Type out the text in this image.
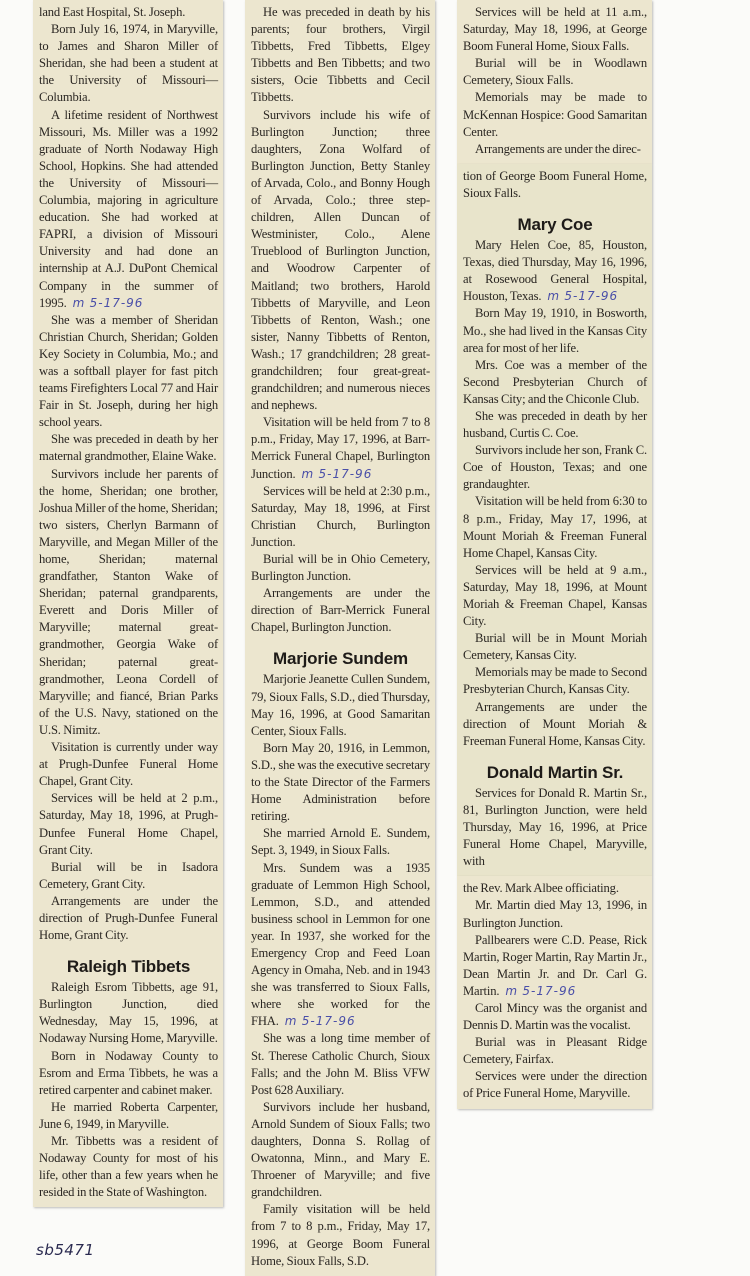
land East Hospital, St. Joseph.

Born July 16, 1974, in Maryville, to James and Sharon Miller of Sheridan, she had been a student at the University of Missouri—Columbia.

A lifetime resident of Northwest Missouri, Ms. Miller was a 1992 graduate of North Nodaway High School, Hopkins. She had attended the University of Missouri—Columbia, majoring in agriculture education. She had worked at FAPRI, a division of Missouri University and had done an internship at A.J. DuPont Chemical Company in the summer of 1995. m 5-17-96

She was a member of Sheridan Christian Church, Sheridan; Golden Key Society in Columbia, Mo.; and was a softball player for fast pitch teams Firefighters Local 77 and Hair Fair in St. Joseph, during her high school years.

She was preceded in death by her maternal grandmother, Elaine Wake.

Survivors include her parents of the home, Sheridan; one brother, Joshua Miller of the home, Sheridan; two sisters, Cherlyn Barmann of Maryville, and Megan Miller of the home, Sheridan; maternal grandfather, Stanton Wake of Sheridan; paternal grandparents, Everett and Doris Miller of Maryville; maternal great-grandmother, Georgia Wake of Sheridan; paternal great-grandmother, Leona Cordell of Maryville; and fiancé, Brian Parks of the U.S. Navy, stationed on the U.S. Nimitz.

Visitation is currently under way at Prugh-Dunfee Funeral Home Chapel, Grant City.

Services will be held at 2 p.m., Saturday, May 18, 1996, at Prugh-Dunfee Funeral Home Chapel, Grant City.

Burial will be in Isadora Cemetery, Grant City.

Arrangements are under the direction of Prugh-Dunfee Funeral Home, Grant City.

Raleigh Tibbets

Raleigh Esrom Tibbetts, age 91, Burlington Junction, died Wednesday, May 15, 1996, at Nodaway Nursing Home, Maryville.

Born in Nodaway County to Esrom and Erma Tibbets, he was a retired carpenter and cabinet maker.

He married Roberta Carpenter, June 6, 1949, in Maryville.

Mr. Tibbetts was a resident of Nodaway County for most of his life, other than a few years when he resided in the State of Washington.

sb5471

He was preceded in death by his parents; four brothers, Virgil Tibbetts, Fred Tibbetts, Elgey Tibbetts and Ben Tibbetts; and two sisters, Ocie Tibbetts and Cecil Tibbetts.

Survivors include his wife of Burlington Junction; three daughters, Zona Wolfard of Burlington Junction, Betty Stanley of Arvada, Colo., and Bonny Hough of Arvada, Colo.; three step-children, Allen Duncan of Westminister, Colo., Alene Trueblood of Burlington Junction, and Woodrow Carpenter of Maitland; two brothers, Harold Tibbetts of Maryville, and Leon Tibbetts of Renton, Wash.; one sister, Nanny Tibbetts of Renton, Wash.; 17 grandchildren; 28 great-grandchildren; four great-great-grandchildren; and numerous nieces and nephews.

Visitation will be held from 7 to 8 p.m., Friday, May 17, 1996, at Barr-Merrick Funeral Chapel, Burlington Junction. m 5-17-96

Services will be held at 2:30 p.m., Saturday, May 18, 1996, at First Christian Church, Burlington Junction.

Burial will be in Ohio Cemetery, Burlington Junction.

Arrangements are under the direction of Barr-Merrick Funeral Chapel, Burlington Junction.

Marjorie Sundem

Marjorie Jeanette Cullen Sundem, 79, Sioux Falls, S.D., died Thursday, May 16, 1996, at Good Samaritan Center, Sioux Falls.

Born May 20, 1916, in Lemmon, S.D., she was the executive secretary to the State Director of the Farmers Home Administration before retiring.

She married Arnold E. Sundem, Sept. 3, 1949, in Sioux Falls.

Mrs. Sundem was a 1935 graduate of Lemmon High School, Lemmon, S.D., and attended business school in Lemmon for one year. In 1937, she worked for the Emergency Crop and Feed Loan Agency in Omaha, Neb. and in 1943 she was transferred to Sioux Falls, where she worked for the FHA. m 5-17-96

She was a long time member of St. Therese Catholic Church, Sioux Falls; and the John M. Bliss VFW Post 628 Auxiliary.

Survivors include her husband, Arnold Sundem of Sioux Falls; two daughters, Donna S. Rollag of Owatonna, Minn., and Mary E. Throener of Maryville; and five grandchildren.

Family visitation will be held from 7 to 8 p.m., Friday, May 17, 1996, at George Boom Funeral Home, Sioux Falls, S.D.

Services will be held at 11 a.m., Saturday, May 18, 1996, at George Boom Funeral Home, Sioux Falls.

Burial will be in Woodlawn Cemetery, Sioux Falls.

Memorials may be made to McKennan Hospice: Good Samaritan Center.

Arrangements are under the direc-

tion of George Boom Funeral Home, Sioux Falls.

Mary Coe

Mary Helen Coe, 85, Houston, Texas, died Thursday, May 16, 1996, at Rosewood General Hospital, Houston, Texas. m 5-17-96

Born May 19, 1910, in Bosworth, Mo., she had lived in the Kansas City area for most of her life.

Mrs. Coe was a member of the Second Presbyterian Church of Kansas City; and the Chiconle Club.

She was preceded in death by her husband, Curtis C. Coe.

Survivors include her son, Frank C. Coe of Houston, Texas; and one grandaughter.

Visitation will be held from 6:30 to 8 p.m., Friday, May 17, 1996, at Mount Moriah & Freeman Funeral Home Chapel, Kansas City.

Services will be held at 9 a.m., Saturday, May 18, 1996, at Mount Moriah & Freeman Chapel, Kansas City.

Burial will be in Mount Moriah Cemetery, Kansas City.

Memorials may be made to Second Presbyterian Church, Kansas City.

Arrangements are under the direction of Mount Moriah & Freeman Funeral Home, Kansas City.

Donald Martin Sr.

Services for Donald R. Martin Sr., 81, Burlington Junction, were held Thursday, May 16, 1996, at Price Funeral Home Chapel, Maryville, with

the Rev. Mark Albee officiating.

Mr. Martin died May 13, 1996, in Burlington Junction.

Pallbearers were C.D. Pease, Rick Martin, Roger Martin, Ray Martin Jr., Dean Martin Jr. and Dr. Carl G. Martin. m 5-17-96

Carol Mincy was the organist and Dennis D. Martin was the vocalist.

Burial was in Pleasant Ridge Cemetery, Fairfax.

Services were under the direction of Price Funeral Home, Maryville.
